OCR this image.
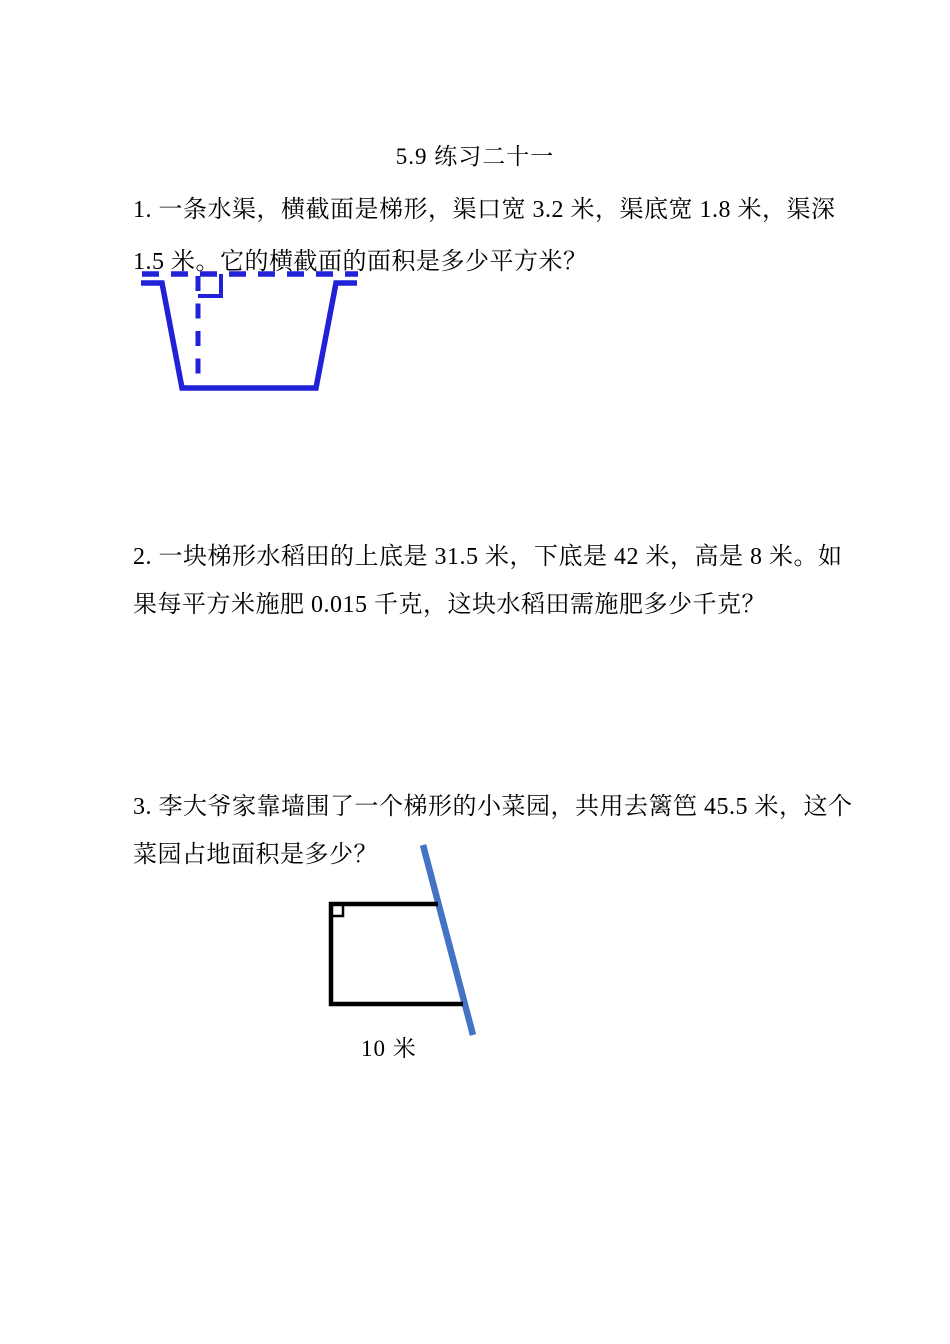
5.9 练习二十一
1. 一条水渠，横截面是梯形，渠口宽 3.2 米，渠底宽 1.8 米，渠深
1.5 米。它的横截面的面积是多少平方米？
2. 一块梯形水稻田的上底是 31.5 米，下底是 42 米，高是 8 米。如
果每平方米施肥 0.015 千克，这块水稻田需施肥多少千克？
3. 李大爷家靠墙围了一个梯形的小菜园，共用去篱笆 45.5 米，这个
菜园占地面积是多少？
10 米
